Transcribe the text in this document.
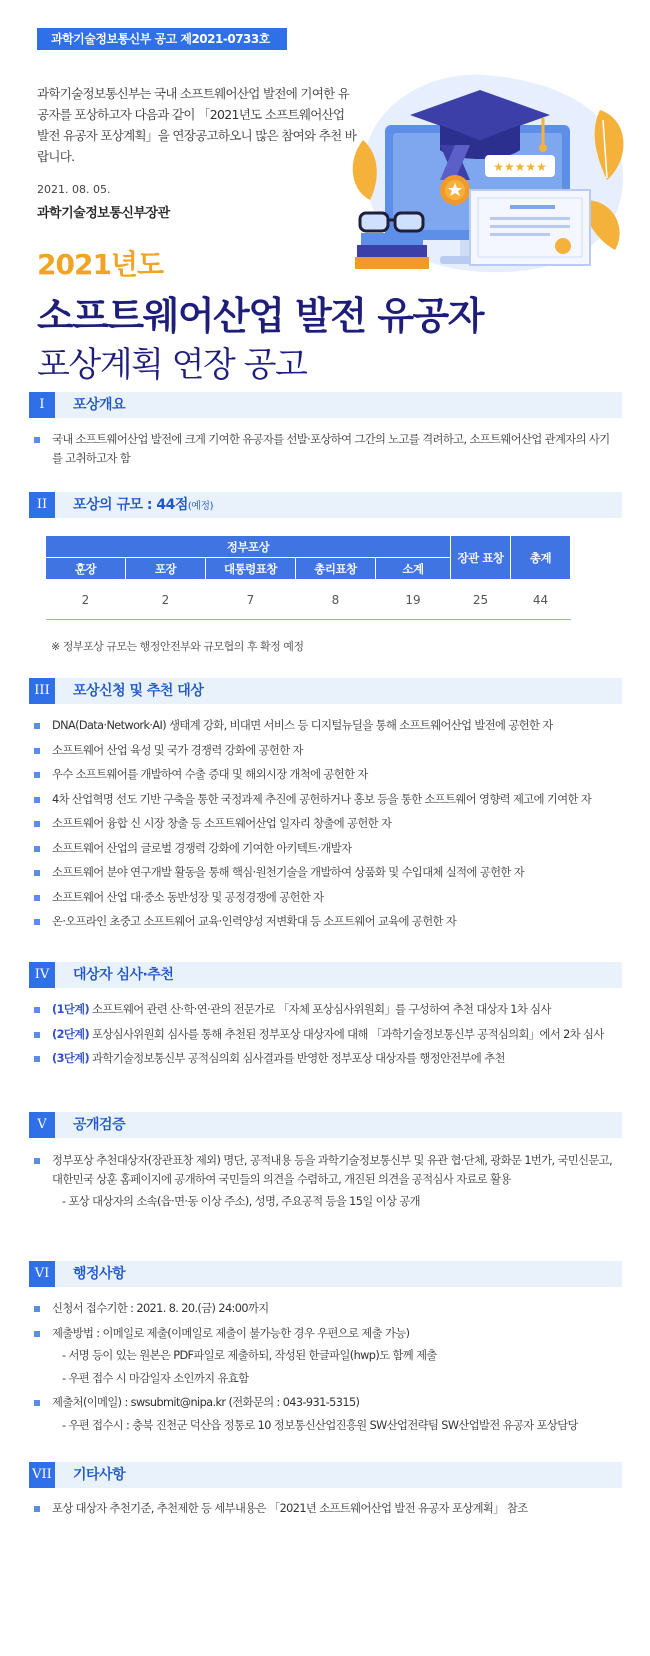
과학기술정보통신부 공고 제2021-0733호

과학기술정보통신부는 국내 소프트웨어산업 발전에 기여한 유공자를 포상하고자 다음과 같이 「2021년도 소프트웨어산업 발전 유공자 포상계획」을 연장공고하오니 많은 참여와 추천 바랍니다.

2021. 08. 05.
과학기술정보통신부장관
★★★★★
2021년도
소프트웨어산업 발전 유공자
포상계획 연장 공고
I	포상개요
국내 소프트웨어산업 발전에 크게 기여한 유공자를 선발·포상하여 그간의 노고를 격려하고, 소프트웨어산업 관계자의 사기를 고취하고자 함
II	포상의 규모 : 44점(예정)
정부포상					장관 표창	총계
훈장	포장	대통령표창	총리표창	소계		
2	2	7	8	19	25	44
※ 정부포상 규모는 행정안전부와 규모협의 후 확정 예정
III	포상신청 및 추천 대상
DNA(Data·Network·AI) 생태계 강화, 비대면 서비스 등 디지털뉴딜을 통해 소프트웨어산업 발전에 공헌한 자
소프트웨어 산업 육성 및 국가 경쟁력 강화에 공헌한 자
우수 소프트웨어를 개발하여 수출 증대 및 해외시장 개척에 공헌한 자
4차 산업혁명 선도 기반 구축을 통한 국정과제 추진에 공헌하거나 홍보 등을 통한 소프트웨어 영향력 제고에 기여한 자
소프트웨어 융합 신 시장 창출 등 소프트웨어산업 일자리 창출에 공헌한 자
소프트웨어 산업의 글로벌 경쟁력 강화에 기여한 아키텍트·개발자
소프트웨어 분야 연구개발 활동을 통해 핵심·원천기술을 개발하여 상품화 및 수입대체 실적에 공헌한 자
소프트웨어 산업 대·중소 동반성장 및 공정경쟁에 공헌한 자
온·오프라인 초중고 소프트웨어 교육·인력양성 저변확대 등 소프트웨어 교육에 공헌한 자
IV	대상자 심사·추천
(1단계) 소프트웨어 관련 산·학·연·관의 전문가로 「자체 포상심사위원회」를 구성하여 추천 대상자 1차 심사
(2단계) 포상심사위원회 심사를 통해 추천된 정부포상 대상자에 대해 「과학기술정보통신부 공적심의회」에서 2차 심사
(3단계) 과학기술정보통신부 공적심의회 심사결과를 반영한 정부포상 대상자를 행정안전부에 추천
V	공개검증
정부포상 추천대상자(장관표창 제외) 명단, 공적내용 등을 과학기술정보통신부 및 유관 협·단체, 광화문 1번가, 국민신문고, 대한민국 상훈 홈페이지에 공개하여 국민들의 의견을 수렴하고, 개진된 의견을 공적심사 자료로 활용
- 포상 대상자의 소속(읍·면·동 이상 주소), 성명, 주요공적 등을 15일 이상 공개
VI	행정사항
신청서 접수기한 : 2021. 8. 20.(금) 24:00까지
제출방법 : 이메일로 제출(이메일로 제출이 불가능한 경우 우편으로 제출 가능)
- 서명 등이 있는 원본은 PDF파일로 제출하되, 작성된 한글파일(hwp)도 함께 제출
- 우편 접수 시 마감일자 소인까지 유효함
제출처(이메일) : swsubmit@nipa.kr (전화문의 : 043-931-5315)
- 우편 접수시 : 충북 진천군 덕산읍 정통로 10 정보통신산업진흥원 SW산업전략팀 SW산업발전 유공자 포상담당
VII 기타사항
포상 대상자 추천기준, 추천제한 등 세부내용은 「2021년 소프트웨어산업 발전 유공자 포상계획」 참조
